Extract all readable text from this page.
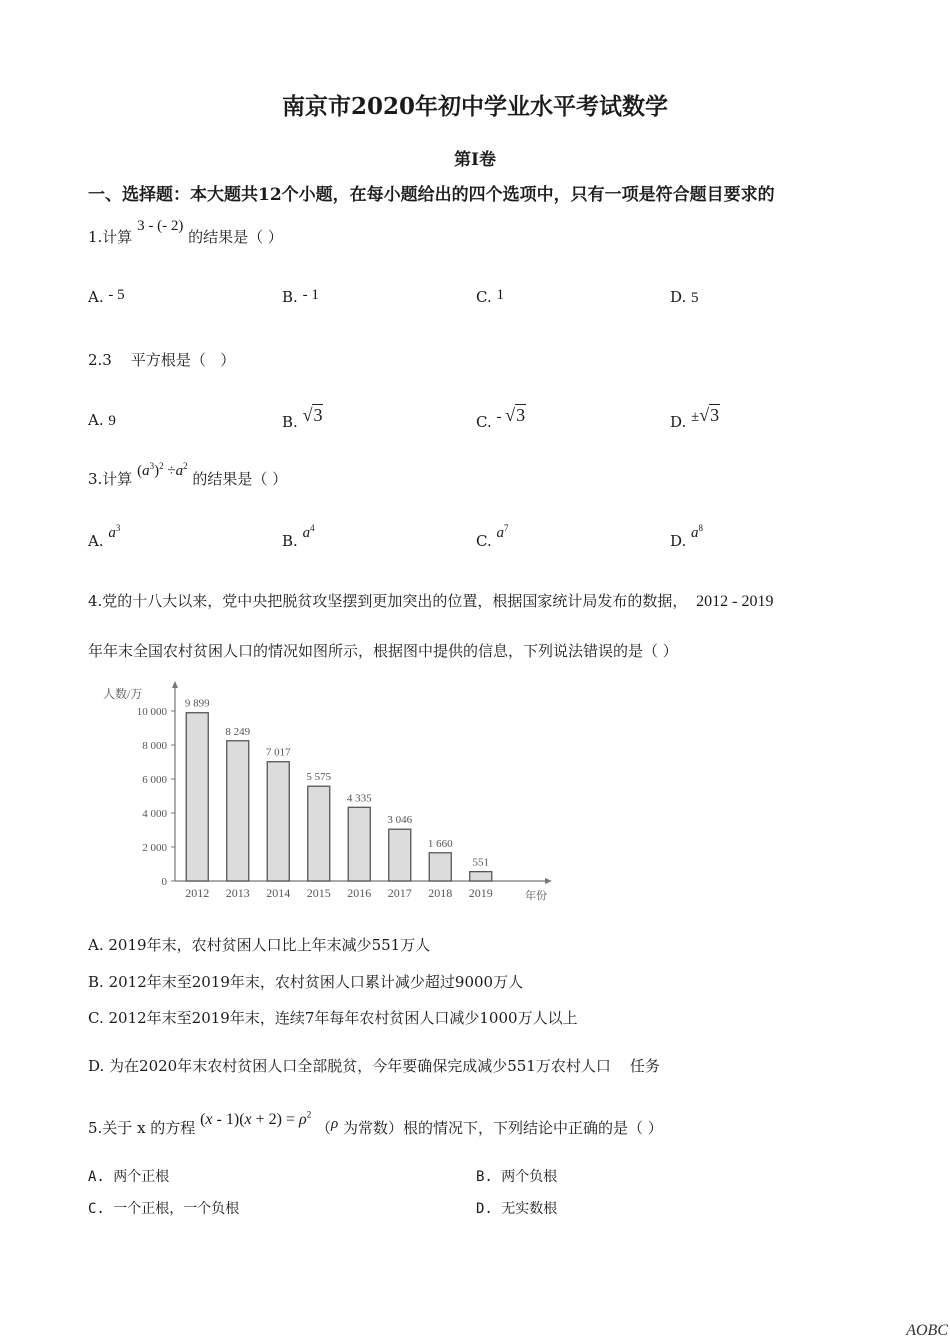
南京市2020年初中学业水平考试数学
第Ⅰ卷
一、选择题：本大题共12个小题，在每小题给出的四个选项中，只有一项是符合题目要求的
1.计算 3 - (- 2) 的结果是（ ）
A. - 5	B. - 1	C. 1	D. 5
2.3    平方根是（   ）
A. 9	B. √3	C. - √3	D. ±√3
3.计算 $(a^3)^2 \div a^2$ 的结果是（ ）
A. $a^3$
B. $a^4$
C. $a^7$
D. $a^8$
4.党的十八大以来，党中央把脱贫攻坚摆到更加突出的位置，根据国家统计局发布的数据， 2012 - 2019
年年末全国农村贫困人口的情况如图所示，根据图中提供的信息，下列说法错误的是（ ）
人数/万
年份
0
2 000
4 000
6 000
8 000
10 000
9 899
2012
8 249
2013
7 017
2014
5 575
2015
4 335
2016
3 046
2017
1 660
2018
551
2019
A. 2019年末，农村贫困人口比上年末减少551万人
B. 2012年末至2019年末，农村贫困人口累计减少超过9000万人
C. 2012年末至2019年末，连续7年每年农村贫困人口减少1000万人以上
D. 为在2020年末农村贫困人口全部脱贫，今年要确保完成减少551万农村人口    任务
5.关于 x 的方程 $(x - 1)(x + 2) = \rho^2$ （ρ 为常数）根的情况下，下列结论中正确的是（ ）
A. 两个正根	B. 两个负根
C. 一个正根，一个负根	D. 无实数根
AOBC
